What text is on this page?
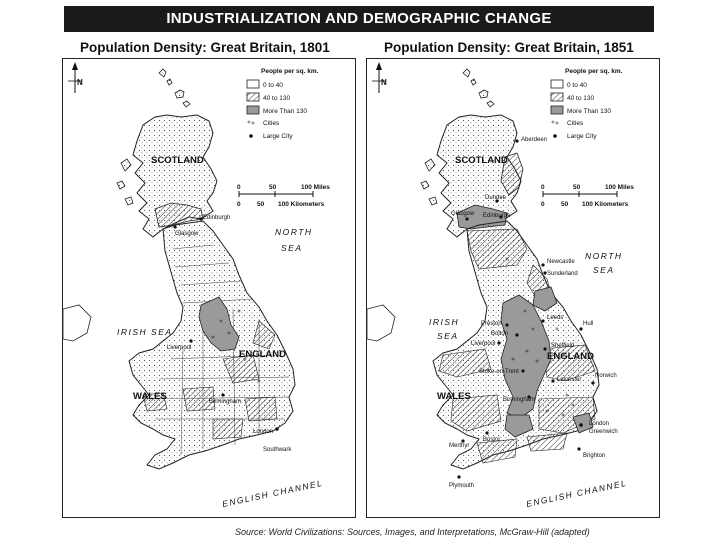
INDUSTRIALIZATION AND DEMOGRAPHIC CHANGE
Population Density: Great Britain, 1801	Population Density: Great Britain, 1851
N
People per sq. km.
0 to 40
40 to 130
More Than 130
Cities
Large City
0	50	100 Miles
0	50 100 Kilometers
SCOTLAND
ENGLAND
WALES
NORTH
SEA
IRISH SEA
ENGLISH CHANNEL
Edinburgh
Glasgow
Liverpool
Birmingham
London
Southwark
N
People per sq. km.
0 to 40
40 to 130
More Than 130
Cities
Large City
0	50	100 Miles
0	50 100 Kilometers
SCOTLAND
ENGLAND
WALES
NORTH
SEA
IRISH
SEA
ENGLISH CHANNEL
Aberdeen
Dundee
Edinburgh
Glasgow
Newcastle
Sunderland
Leeds
Hull
Preston
Bolton
Liverpool	Sheffield
Stoke-on-Trent
Leicester
Birmingham
Norwich
Merthyr
Bristol
London
Greenwich
Brighton
Plymouth
Source: World Civilizations: Sources, Images, and Interpretations, McGraw-Hill (adapted)
